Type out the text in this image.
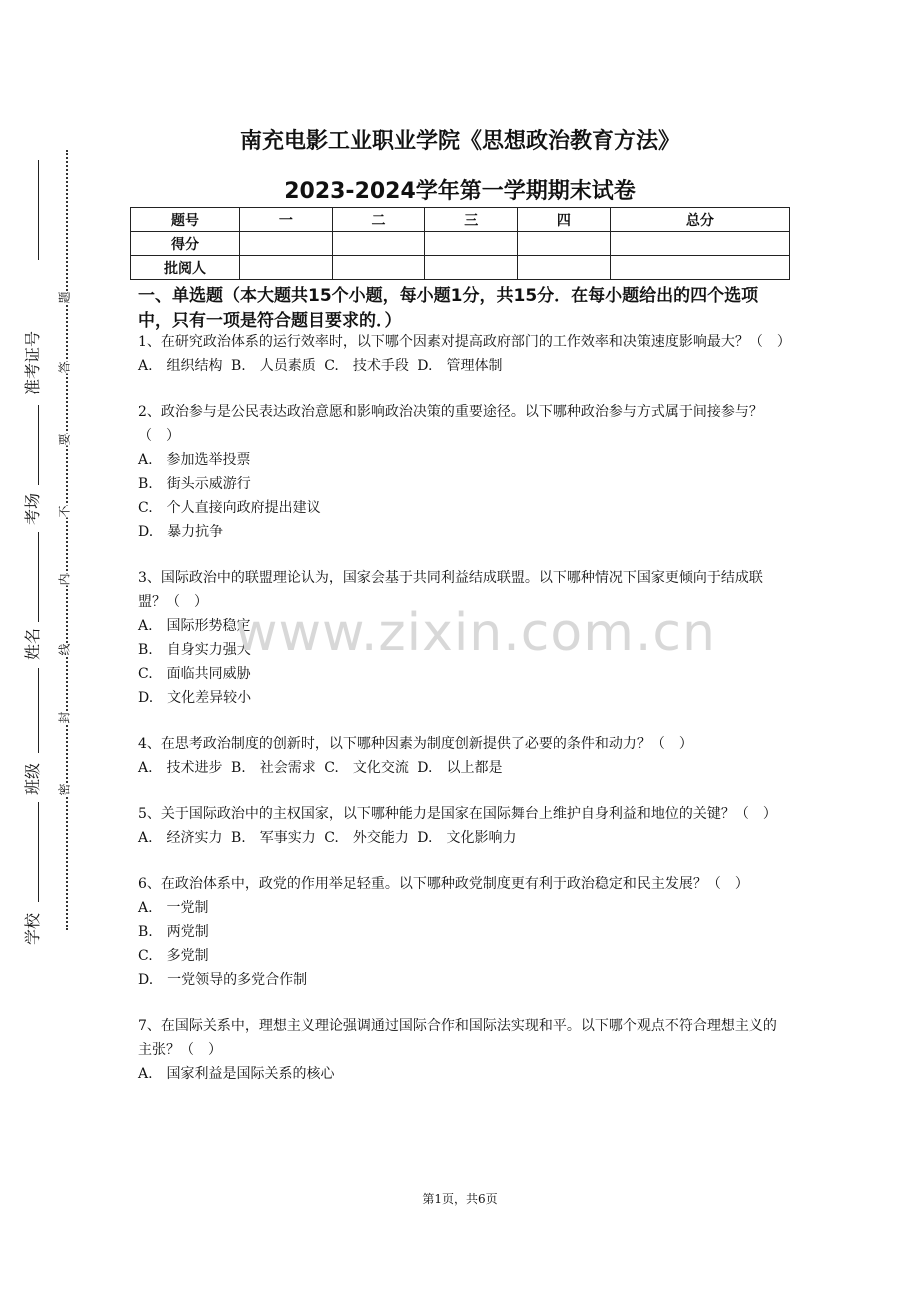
准考证号
考场
姓名
班级
学校
题
答
要
不
内
线
封
密
南充电影工业职业学院《思想政治教育方法》
2023-2024学年第一学期期末试卷
题号	一	二	三	四	总分
得分					
批阅人					
一、单选题（本大题共15个小题，每小题1分，共15分．在每小题给出的四个选项中，只有一项是符合题目要求的．）

1、在研究政治体系的运行效率时，以下哪个因素对提高政府部门的工作效率和决策速度影响最大？（　）

A.　组织结构 B.　人员素质 C.　技术手段 D.　管理体制

2、政治参与是公民表达政治意愿和影响政治决策的重要途径。以下哪种政治参与方式属于间接参与？（　）

A.　参加选举投票

B.　街头示威游行

C.　个人直接向政府提出建议

D.　暴力抗争

3、国际政治中的联盟理论认为，国家会基于共同利益结成联盟。以下哪种情况下国家更倾向于结成联盟？（　）

A.　国际形势稳定

B.　自身实力强大

C.　面临共同威胁

D.　文化差异较小

4、在思考政治制度的创新时，以下哪种因素为制度创新提供了必要的条件和动力？（　）

A.　技术进步 B.　社会需求 C.　文化交流 D.　以上都是

5、关于国际政治中的主权国家，以下哪种能力是国家在国际舞台上维护自身利益和地位的关键？（　）

A.　经济实力 B.　军事实力 C.　外交能力 D.　文化影响力

6、在政治体系中，政党的作用举足轻重。以下哪种政党制度更有利于政治稳定和民主发展？（　）

A.　一党制

B.　两党制

C.　多党制

D.　一党领导的多党合作制

7、在国际关系中，理想主义理论强调通过国际合作和国际法实现和平。以下哪个观点不符合理想主义的主张？（　）

A.　国家利益是国际关系的核心

www.zixin.com.cn
第1页，共6页
